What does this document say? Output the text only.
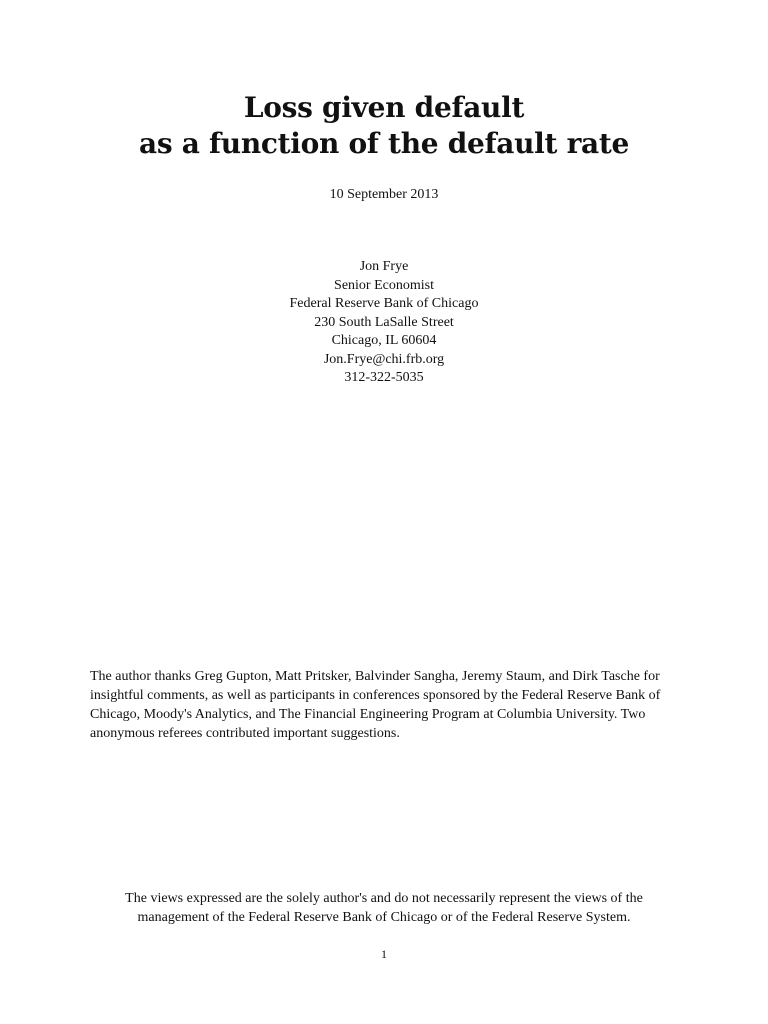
Loss given default
as a function of the default rate
10 September 2013
Jon Frye
Senior Economist
Federal Reserve Bank of Chicago
230 South LaSalle Street
Chicago, IL 60604
Jon.Frye@chi.frb.org
312-322-5035

The author thanks Greg Gupton, Matt Pritsker, Balvinder Sangha, Jeremy Staum, and Dirk Tasche for insightful comments, as well as participants in conferences sponsored by the Federal Reserve Bank of Chicago, Moody's Analytics, and The Financial Engineering Program at Columbia University. Two anonymous referees contributed important suggestions.

The views expressed are the solely author's and do not necessarily represent the views of the management of the Federal Reserve Bank of Chicago or of the Federal Reserve System.

1
